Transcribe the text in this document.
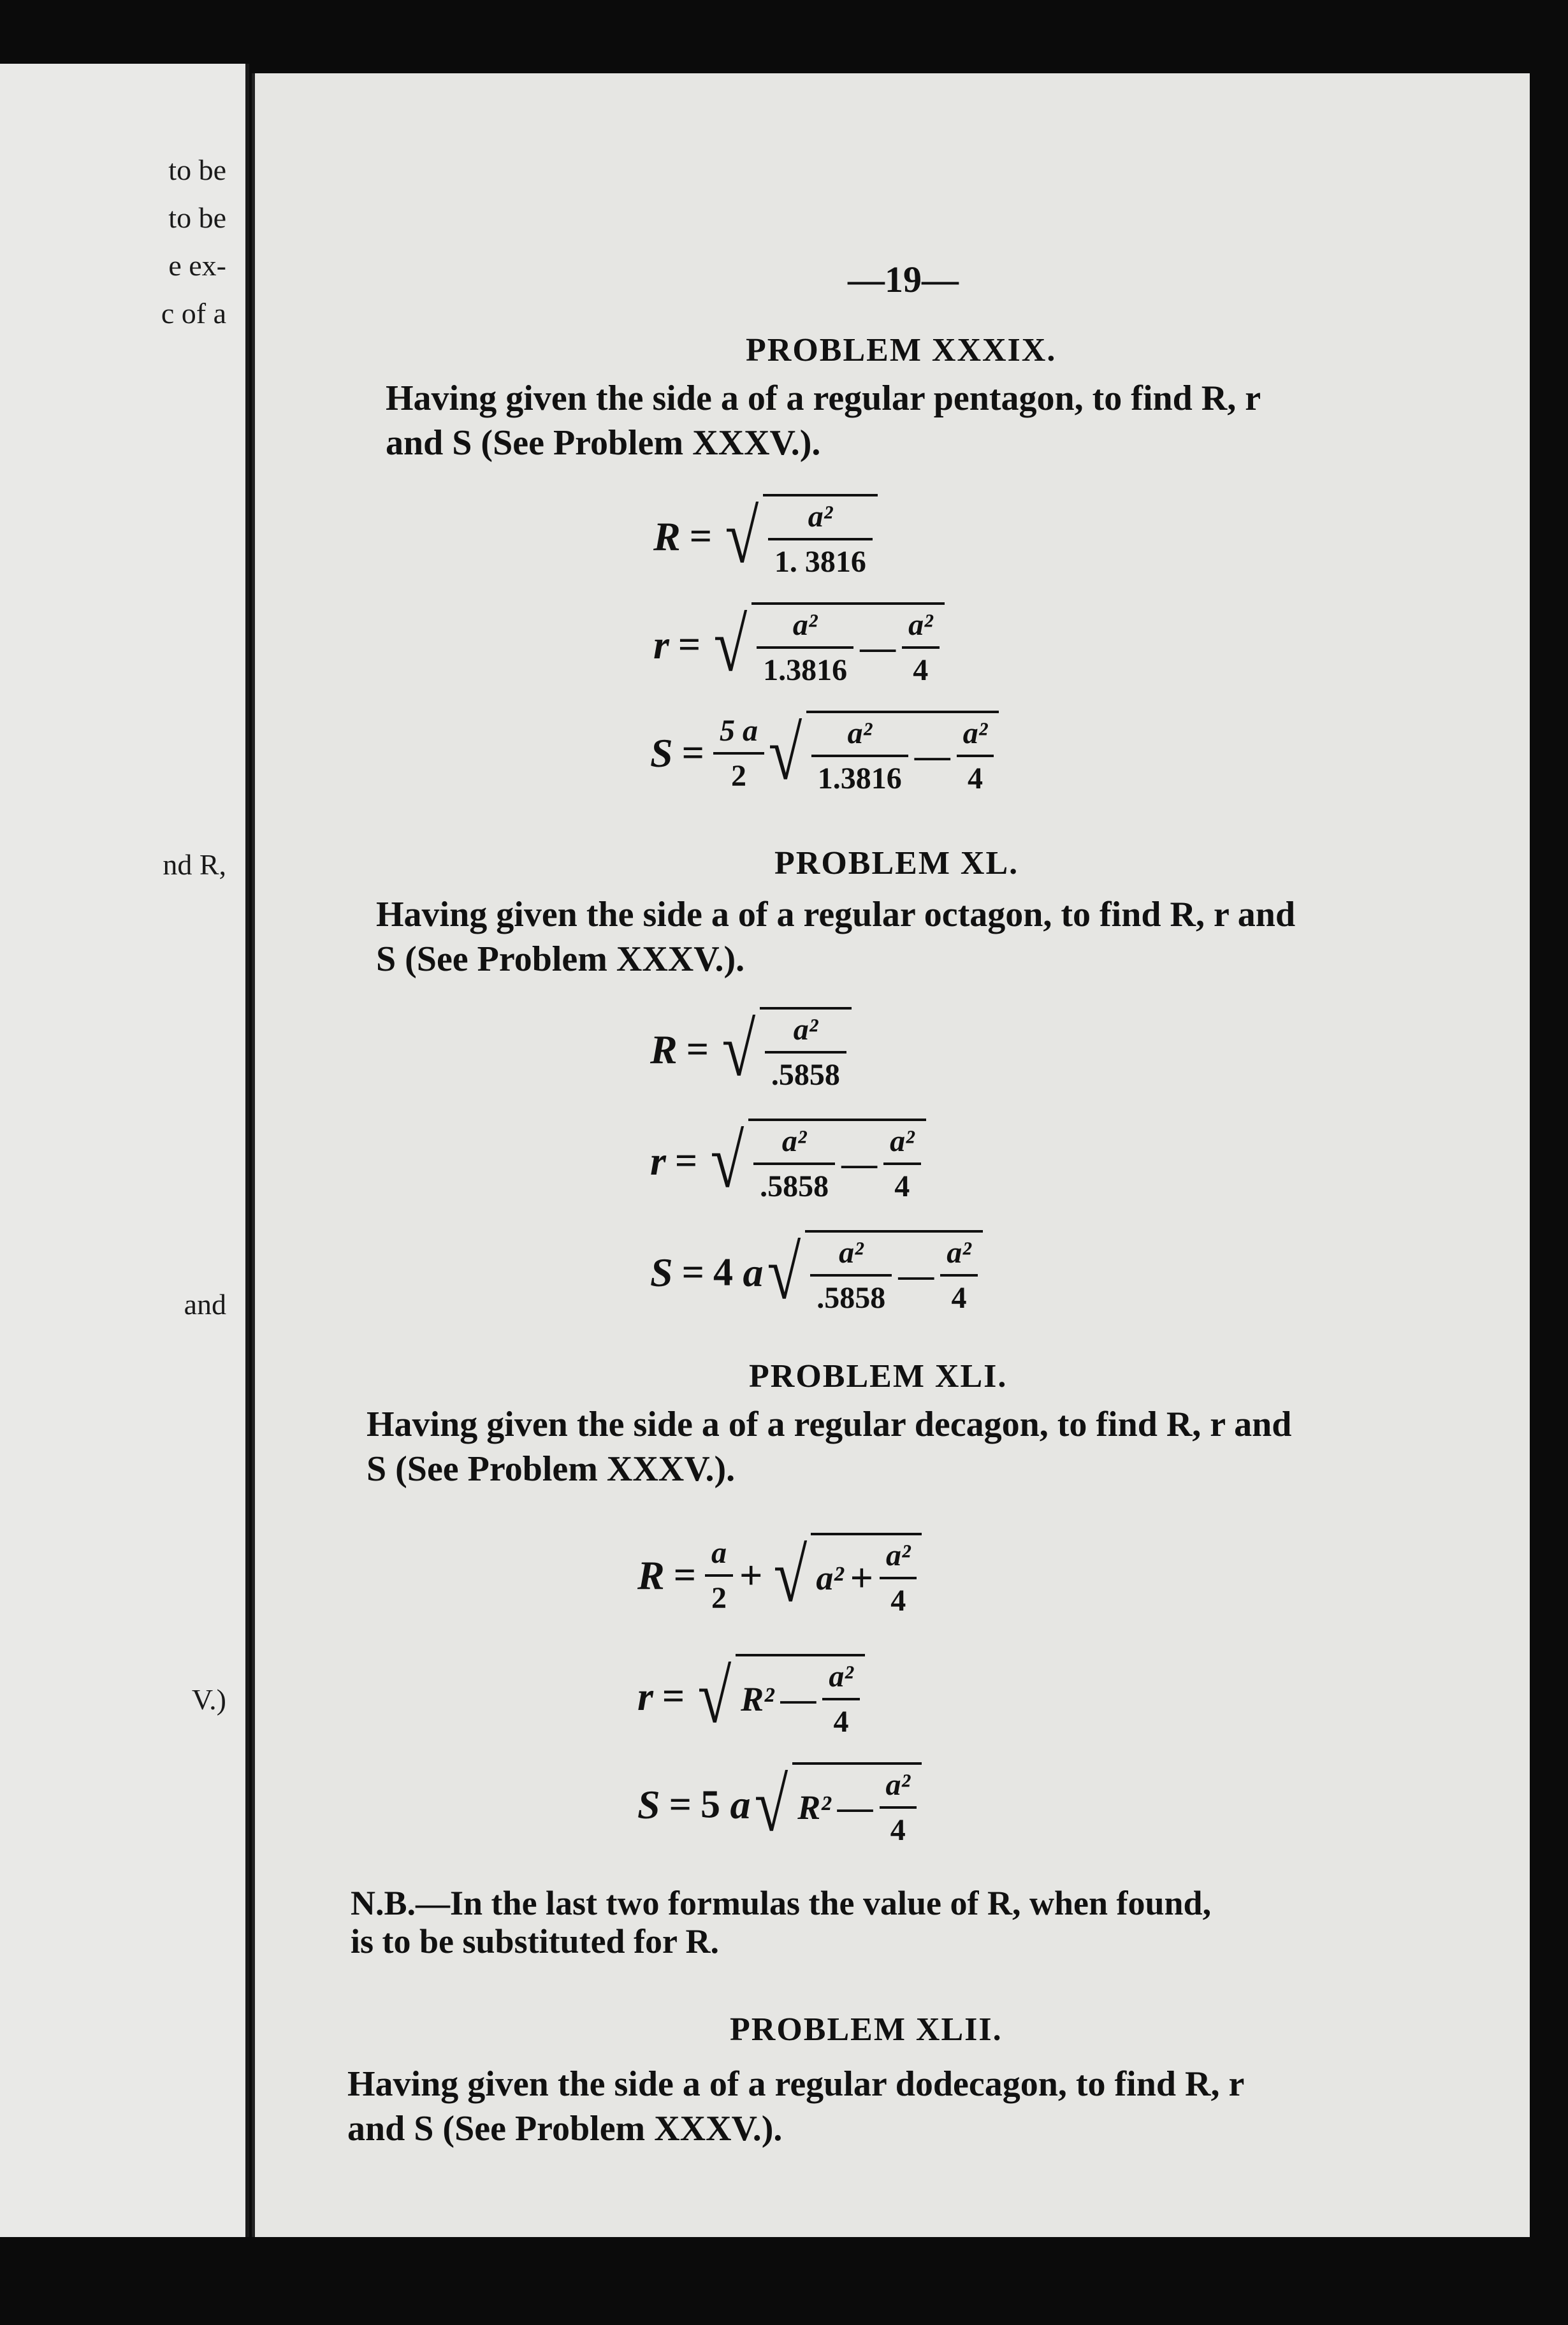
to be
to be
e ex-
c of a
nd R,
and
V.)
—19—
PROBLEM XXXIX.
Having given the side a of a regular pentagon, to find R, r
and S (See Problem XXXV.).
R = √ $\frac{\text{a²}}{1. 3816}$
r = √ $\frac{\text{a²}}{1.3816}$ — $\frac{\text{a²}}{4}$
$S = \frac{5 a}{2}$ √ $\frac{\text{a²}}{1.3816}$ — $\frac{\text{a²}}{4}$
PROBLEM XL.
Having given the side a of a regular octagon, to find R, r and
S (See Problem XXXV.).
R = √ $\frac{\text{a²}}{.5858}$
r = √ $\frac{\text{a²}}{.5858}$ — $\frac{\text{a²}}{4}$
S = 4 $a√ \frac{\text{a²}}{.5858}$ — $\frac{\text{a²}}{4}$
PROBLEM XLI.
Having given the side a of a regular decagon, to find R, r and
S (See Problem XXXV.).
$R = \frac{a}{2}$ + √ $a^2 + \frac{\text{a²}}{4}$
r = √ R² — $\frac{\text{a²}}{4}$
S = 5 a√ R² — $\frac{\text{a²}}{4}$
N.B.—In the last two formulas the value of R, when found,
is to be substituted for R.
PROBLEM XLII.
Having given the side a of a regular dodecagon, to find R, r
and S (See Problem XXXV.).
